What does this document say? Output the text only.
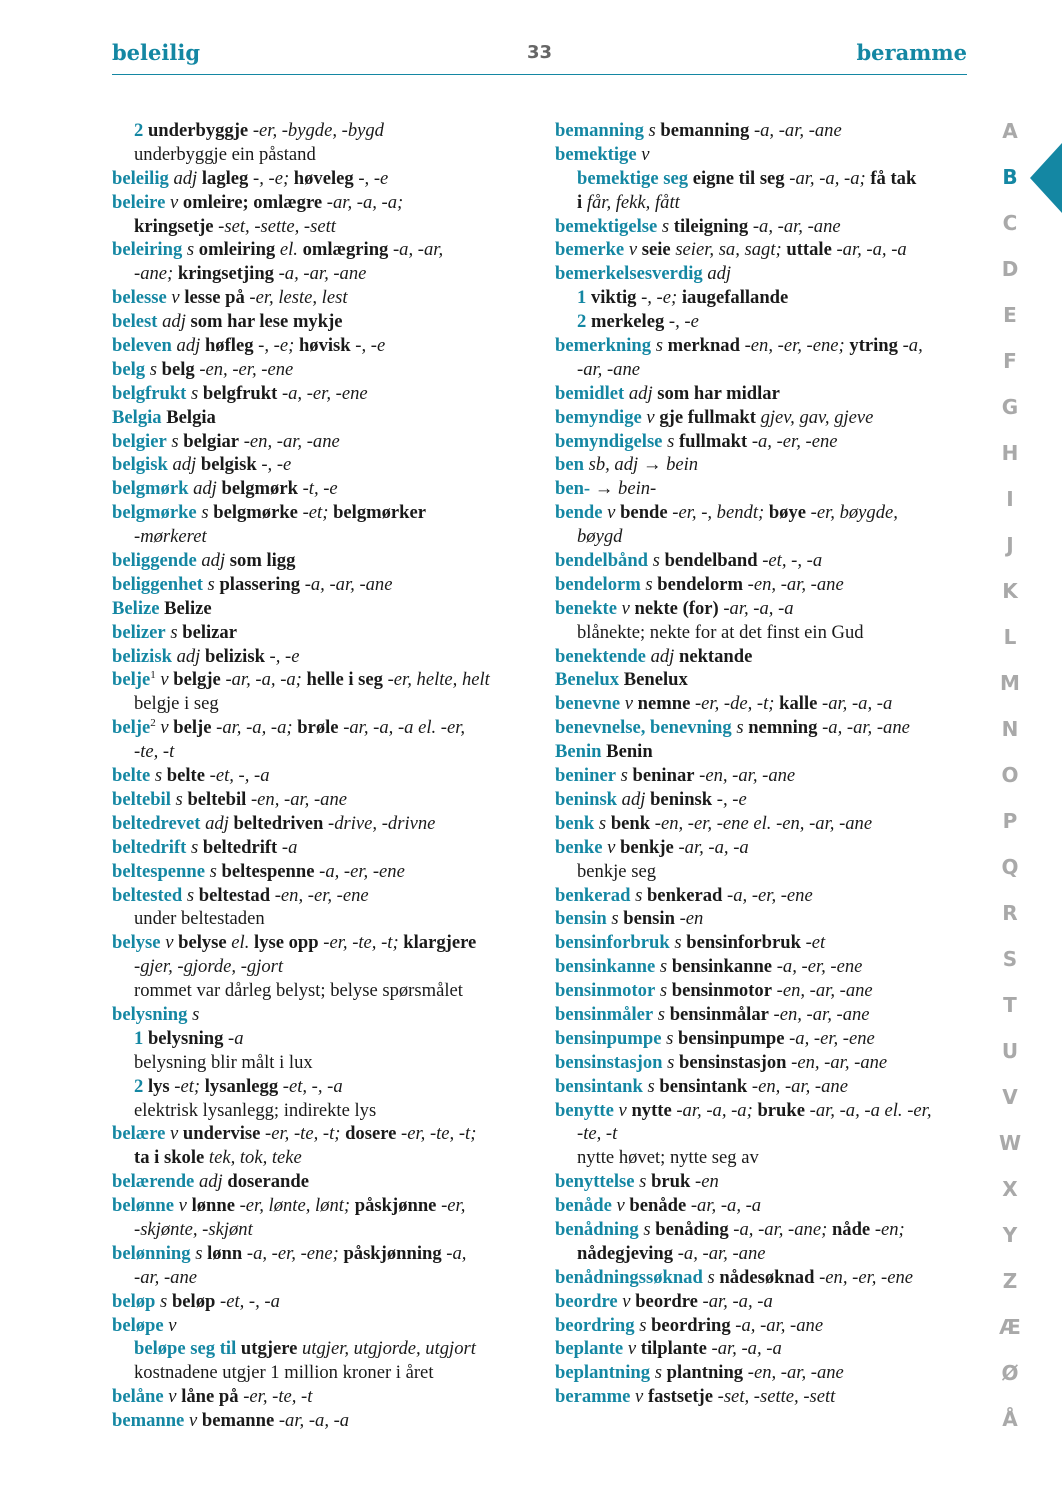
beleilig	33	beramme
2 underbyggje -er, -bygde, -bygd
underbyggje ein påstand
beleilig adj lagleg -, -e; høveleg -, -e
beleire v omleire; omlægre -ar, -a, -a;
kringsetje -set, -sette, -sett
beleiring s omleiring el. omlægring -a, -ar,
-ane; kringsetjing -a, -ar, -ane
belesse v lesse på -er, leste, lest
belest adj som har lese mykje
beleven adj høfleg -, -e; høvisk -, -e
belg s belg -en, -er, -ene
belgfrukt s belgfrukt -a, -er, -ene
Belgia Belgia
belgier s belgiar -en, -ar, -ane
belgisk adj belgisk -, -e
belgmørk adj belgmørk -t, -e
belgmørke s belgmørke -et; belgmørker
-mørkeret
beliggende adj som ligg
beliggenhet s plassering -a, -ar, -ane
Belize Belize
belizer s belizar
belizisk adj belizisk -, -e
belje$^1$ v belgje -ar, -a, -a; helle i seg -er, helte, helt
belgje i seg
belje$^2$ v belje -ar, -a, -a; brøle -ar, -a, -a el. -er,
-te, -t
belte s belte -et, -, -a
beltebil s beltebil -en, -ar, -ane
beltedrevet adj beltedriven -drive, -drivne
beltedrift s beltedrift -a
beltespenne s beltespenne -a, -er, -ene
beltested s beltestad -en, -er, -ene
under beltestaden
belyse v belyse el. lyse opp -er, -te, -t; klargjere
-gjer, -gjorde, -gjort
rommet var dårleg belyst; belyse spørsmålet
belysning s
1 belysning -a
belysning blir målt i lux
2 lys -et; lysanlegg -et, -, -a
elektrisk lysanlegg; indirekte lys
belære v undervise -er, -te, -t; dosere -er, -te, -t;
ta i skole tek, tok, teke
belærende adj doserande
belønne v lønne -er, lønte, lønt; påskjønne -er,
-skjønte, -skjønt
belønning s lønn -a, -er, -ene; påskjønning -a,
-ar, -ane
beløp s beløp -et, -, -a
beløpe v
beløpe seg til utgjere utgjer, utgjorde, utgjort
kostnadene utgjer 1 million kroner i året
belåne v låne på -er, -te, -t
bemanne v bemanne -ar, -a, -a
bemanning s bemanning -a, -ar, -ane
bemektige v
bemektige seg eigne til seg -ar, -a, -a; få tak
i får, fekk, fått
bemektigelse s tileigning -a, -ar, -ane
bemerke v seie seier, sa, sagt; uttale -ar, -a, -a
bemerkelsesverdig adj
1 viktig -, -e; iaugefallande
2 merkeleg -, -e
bemerkning s merknad -en, -er, -ene; ytring -a,
-ar, -ane
bemidlet adj som har midlar
bemyndige v gje fullmakt gjev, gav, gjeve
bemyndigelse s fullmakt -a, -er, -ene
ben sb, adj → bein
ben- → bein-
bende v bende -er, -, bendt; bøye -er, bøygde,
bøygd
bendelbånd s bendelband -et, -, -a
bendelorm s bendelorm -en, -ar, -ane
benekte v nekte (for) -ar, -a, -a
blånekte; nekte for at det finst ein Gud
benektende adj nektande
Benelux Benelux
benevne v nemne -er, -de, -t; kalle -ar, -a, -a
benevnelse, benevning s nemning -a, -ar, -ane
Benin Benin
beniner s beninar -en, -ar, -ane
beninsk adj beninsk -, -e
benk s benk -en, -er, -ene el. -en, -ar, -ane
benke v benkje -ar, -a, -a
benkje seg
benkerad s benkerad -a, -er, -ene
bensin s bensin -en
bensinforbruk s bensinforbruk -et
bensinkanne s bensinkanne -a, -er, -ene
bensinmotor s bensinmotor -en, -ar, -ane
bensinmåler s bensinmålar -en, -ar, -ane
bensinpumpe s bensinpumpe -a, -er, -ene
bensinstasjon s bensinstasjon -en, -ar, -ane
bensintank s bensintank -en, -ar, -ane
benytte v nytte -ar, -a, -a; bruke -ar, -a, -a el. -er,
-te, -t
nytte høvet; nytte seg av
benyttelse s bruk -en
benåde v benåde -ar, -a, -a
benådning s benåding -a, -ar, -ane; nåde -en;
nådegjeving -a, -ar, -ane
benådningssøknad s nådesøknad -en, -er, -ene
beordre v beordre -ar, -a, -a
beordring s beordring -a, -ar, -ane
beplante v tilplante -ar, -a, -a
beplantning s plantning -en, -ar, -ane
beramme v fastsetje -set, -sette, -sett
A
B
C
D
E
F
G
H
I
J
K
L
M
N
O
P
Q
R
S
T
U
V
W
X
Y
Z
Æ
Ø
Å
